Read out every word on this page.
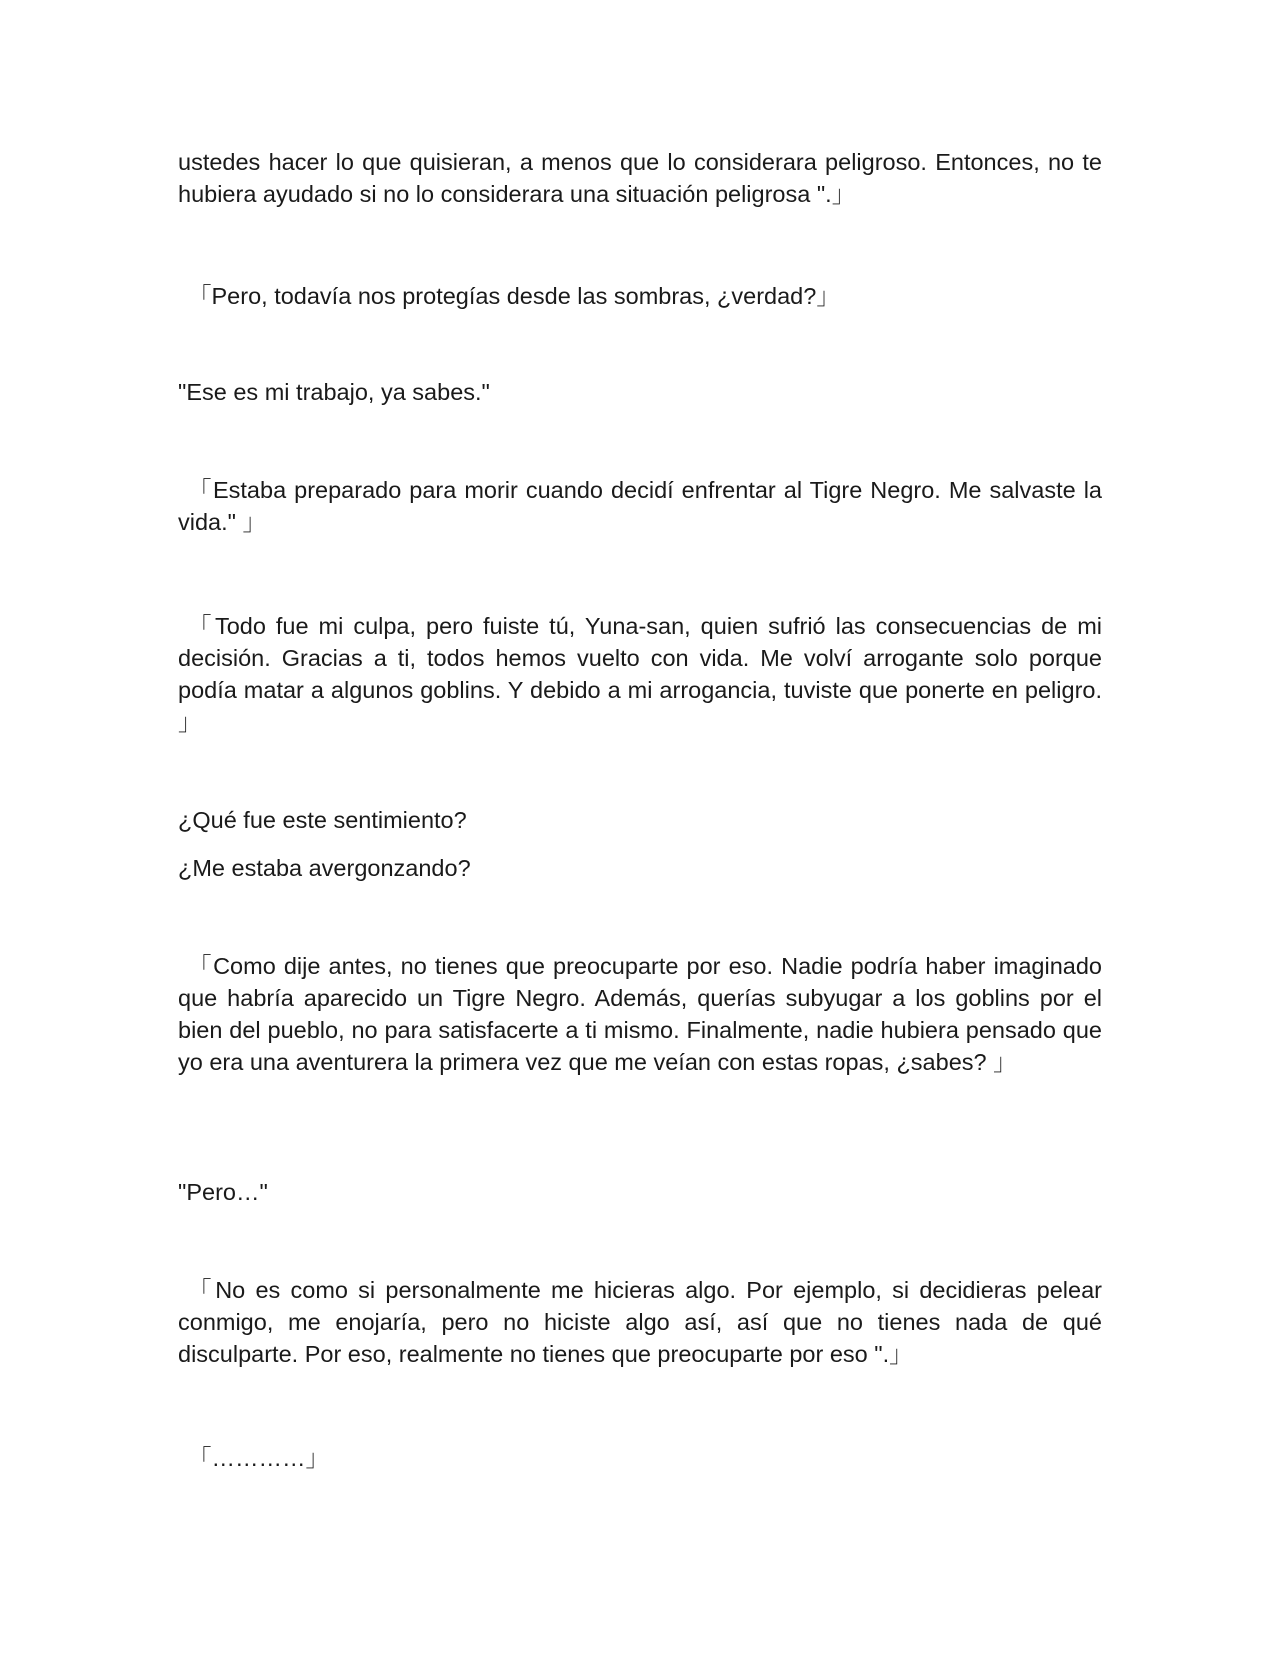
ustedes hacer lo que quisieran, a menos que lo considerara peligroso. Entonces, no te hubiera ayudado si no lo considerara una situación peligrosa ".」

「Pero, todavía nos protegías desde las sombras, ¿verdad?」

"Ese es mi trabajo, ya sabes."

「Estaba preparado para morir cuando decidí enfrentar al Tigre Negro. Me salvaste la vida." 」

「Todo fue mi culpa, pero fuiste tú, Yuna-san, quien sufrió las consecuencias de mi decisión. Gracias a ti, todos hemos vuelto con vida. Me volví arrogante solo porque podía matar a algunos goblins. Y debido a mi arrogancia, tuviste que ponerte en peligro. 」

¿Qué fue este sentimiento?

¿Me estaba avergonzando?

「Como dije antes, no tienes que preocuparte por eso. Nadie podría haber imaginado que habría aparecido un Tigre Negro. Además, querías subyugar a los goblins por el bien del pueblo, no para satisfacerte a ti mismo. Finalmente, nadie hubiera pensado que yo era una aventurera la primera vez que me veían con estas ropas, ¿sabes? 」

"Pero…"

「No es como si personalmente me hicieras algo. Por ejemplo, si decidieras pelear conmigo, me enojaría, pero no hiciste algo así, así que no tienes nada de qué disculparte. Por eso, realmente no tienes que preocuparte por eso ".」

「…………」
